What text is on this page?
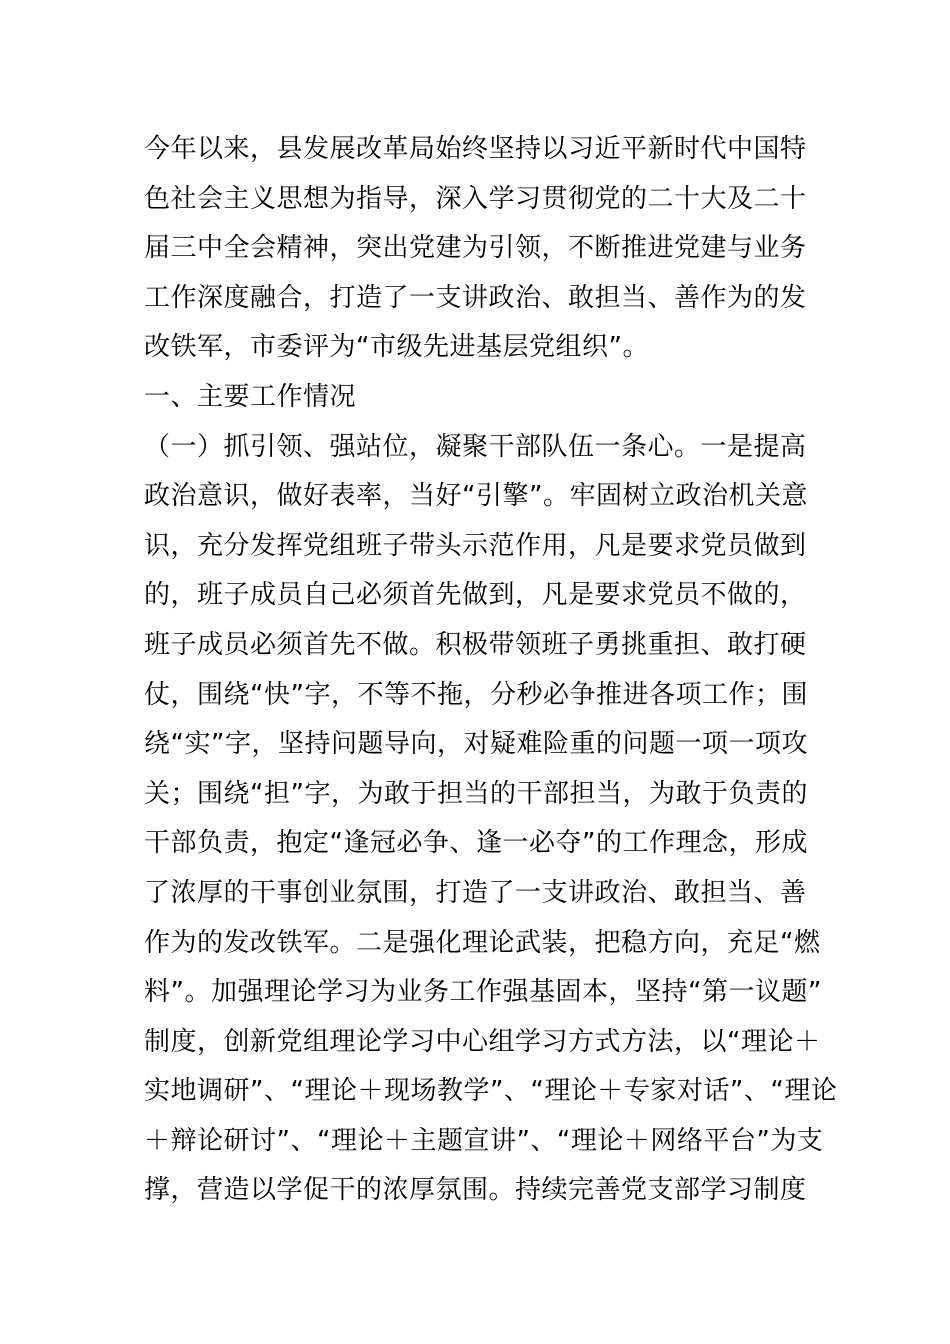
今年以来，县发展改革局始终坚持以习近平新时代中国特
色社会主义思想为指导，深入学习贯彻党的二十大及二十
届三中全会精神，突出党建为引领，不断推进党建与业务
工作深度融合，打造了一支讲政治、敢担当、善作为的发
改铁军，市委评为“市级先进基层党组织”。
一、主要工作情况
（一）抓引领、强站位，凝聚干部队伍一条心。一是提高
政治意识，做好表率，当好“引擎”。牢固树立政治机关意
识，充分发挥党组班子带头示范作用，凡是要求党员做到
的，班子成员自己必须首先做到，凡是要求党员不做的，
班子成员必须首先不做。积极带领班子勇挑重担、敢打硬
仗，围绕“快”字，不等不拖，分秒必争推进各项工作；围
绕“实”字，坚持问题导向，对疑难险重的问题一项一项攻
关；围绕“担”字，为敢于担当的干部担当，为敢于负责的
干部负责，抱定“逢冠必争、逢一必夺”的工作理念，形成
了浓厚的干事创业氛围，打造了一支讲政治、敢担当、善
作为的发改铁军。二是强化理论武装，把稳方向，充足“燃
料”。加强理论学习为业务工作强基固本，坚持“第一议题”
制度，创新党组理论学习中心组学习方式方法，以“理论＋
实地调研”、“理论＋现场教学”、“理论＋专家对话”、“理论
＋辩论研讨”、“理论＋主题宣讲”、“理论＋网络平台”为支
撑，营造以学促干的浓厚氛围。持续完善党支部学习制度
